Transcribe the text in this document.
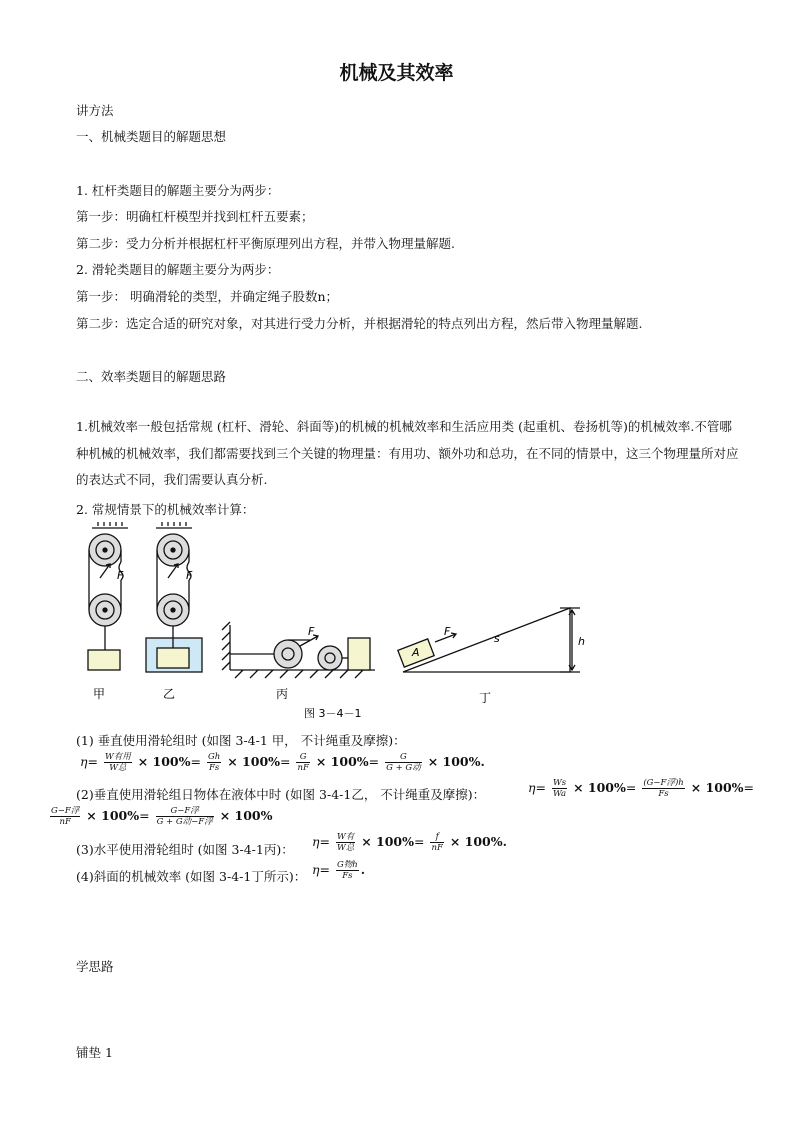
机械及其效率
讲方法
一、机械类题目的解题思想
1. 杠杆类题目的解题主要分为两步：
第一步：明确杠杆模型并找到杠杆五要素；
第二步：受力分析并根据杠杆平衡原理列出方程，并带入物理量解题.
2. 滑轮类题目的解题主要分为两步：
第一步： 明确滑轮的类型，并确定绳子股数n；
第二步：选定合适的研究对象，对其进行受力分析，并根据滑轮的特点列出方程，然后带入物理量解题.
二、效率类题目的解题思路
1.机械效率一般包括常规 (杠杆、滑轮、斜面等)的机械的机械效率和生活应用类 (起重机、卷扬机等)的机械效率.不管哪种机械的机械效率，我们都需要找到三个关键的物理量：有用功、额外功和总功，在不同的情景中，这三个物理量所对应的表达式不同，我们需要认真分析.
2. 常规情景下的机械效率计算：
F	F
F
A
F
s	h
甲	乙	丙	丁
图 3－4－1
(1) 垂直使用滑轮组时 (如图 3-4-1 甲， 不计绳重及摩擦)：
$\eta= \frac{\text{W有用}}{\text{W总}} \times 100\%= \frac{Gh}{Fs} \times 100\%= \frac{G}{nF} \times 100\%= \frac{G}{\text{G + G动}} \times 100\%$.
(2)垂直使用滑轮组日物体在液体中时 (如图 3-4-1乙， 不计绳重及摩擦)：	$\eta= \frac{Ws}{Wa} \times 100\%= \frac{\text{(G−F浮)h}}{Fs} \times 100\%=$
$\frac{\text{G−F浮}}{nF} \times 100\%= \frac{\text{G−F浮}}{\text{G + G动−F浮}} \times 100\%$
(3)水平使用滑轮组时 (如图 3-4-1丙)：
$\eta= \frac{\text{W有}}{\text{W总}} \times 100\%= \frac{f}{nF} \times 100\%$.
(4)斜面的机械效率 (如图 3-4-1丁所示)： $\eta= \frac{\text{G物h}}{Fs}$ .
学思路
铺垫 1
